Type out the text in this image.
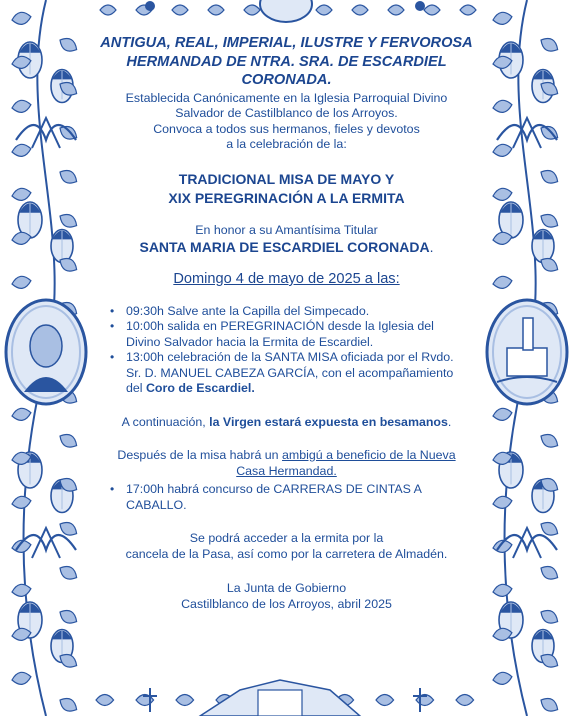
ANTIGUA, REAL, IMPERIAL, ILUSTRE Y FERVOROSA
HERMANDAD DE NTRA. SRA. DE ESCARDIEL
CORONADA.

Establecida Canónicamente en la Iglesia Parroquial Divino
Salvador de Castilblanco de los Arroyos.
Convoca a todos sus hermanos, fieles y devotos
a la celebración de la:

TRADICIONAL MISA DE MAYO Y
XIX PEREGRINACIÓN A LA ERMITA
En honor a su Amantísima Titular
SANTA MARIA DE ESCARDIEL CORONADA.
Domingo 4 de mayo de 2025 a las:
• 09:30h Salve ante la Capilla del Simpecado.
• 10:00h salida en PEREGRINACIÓN desde la Iglesia del
Divino Salvador hacia la Ermita de Escardiel.
• 13:00h celebración de la SANTA MISA oficiada por el Rvdo.
Sr. D. MANUEL CABEZA GARCÍA, con el acompañamiento
del Coro de Escardiel.
A continuación, la Virgen estará expuesta en besamanos.
Después de la misa habrá un ambigú a beneficio de la Nueva
Casa Hermandad.
• 17:00h habrá concurso de CARRERAS DE CINTAS A
CABALLO.
Se podrá acceder a la ermita por la
cancela de la Pasa, así como por la carretera de Almadén.
La Junta de Gobierno
Castilblanco de los Arroyos, abril 2025
